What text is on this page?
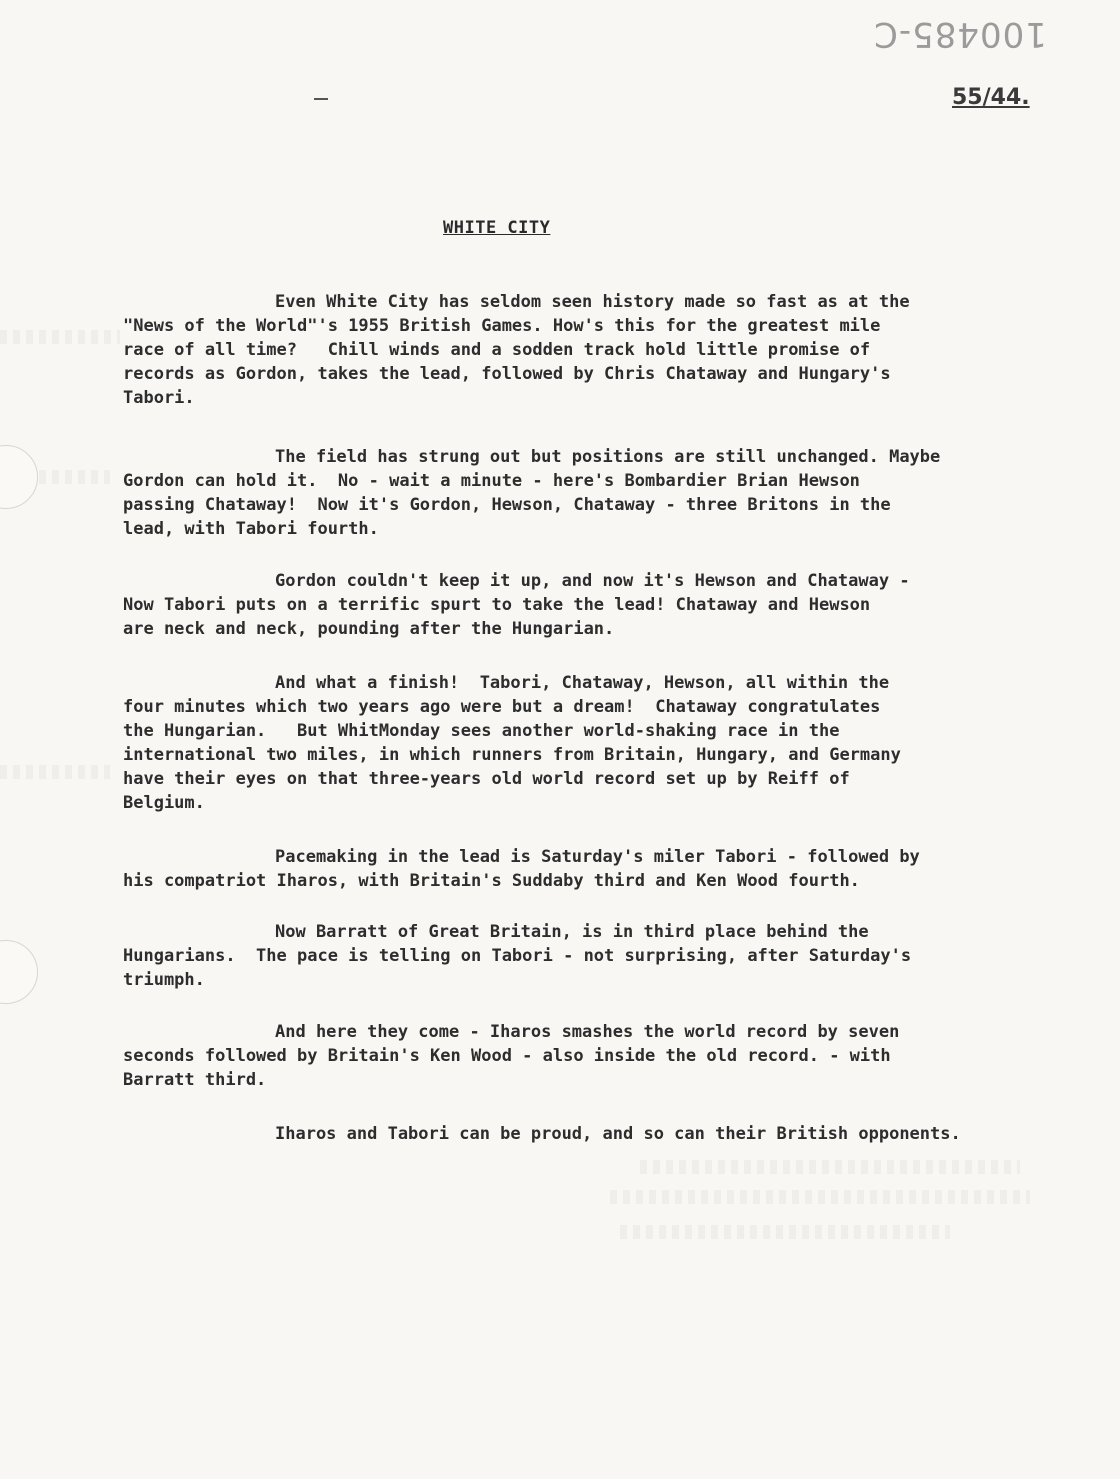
100485-C
55/44.
WHITE CITY
Even White City has seldom seen history made so fast as at the
"News of the World"'s 1955 British Games. How's this for the greatest mile
race of all time?   Chill winds and a sodden track hold little promise of
records as Gordon, takes the lead, followed by Chris Chataway and Hungary's
Tabori.
The field has strung out but positions are still unchanged. Maybe
Gordon can hold it.  No - wait a minute - here's Bombardier Brian Hewson
passing Chataway!  Now it's Gordon, Hewson, Chataway - three Britons in the
lead, with Tabori fourth.
Gordon couldn't keep it up, and now it's Hewson and Chataway -
Now Tabori puts on a terrific spurt to take the lead! Chataway and Hewson
are neck and neck, pounding after the Hungarian.
And what a finish!  Tabori, Chataway, Hewson, all within the
four minutes which two years ago were but a dream!  Chataway congratulates
the Hungarian.   But WhitMonday sees another world-shaking race in the
international two miles, in which runners from Britain, Hungary, and Germany
have their eyes on that three-years old world record set up by Reiff of
Belgium.
Pacemaking in the lead is Saturday's miler Tabori - followed by
his compatriot Iharos, with Britain's Suddaby third and Ken Wood fourth.
Now Barratt of Great Britain, is in third place behind the
Hungarians.  The pace is telling on Tabori - not surprising, after Saturday's
triumph.
And here they come - Iharos smashes the world record by seven
seconds followed by Britain's Ken Wood - also inside the old record. - with
Barratt third.
Iharos and Tabori can be proud, and so can their British opponents.
